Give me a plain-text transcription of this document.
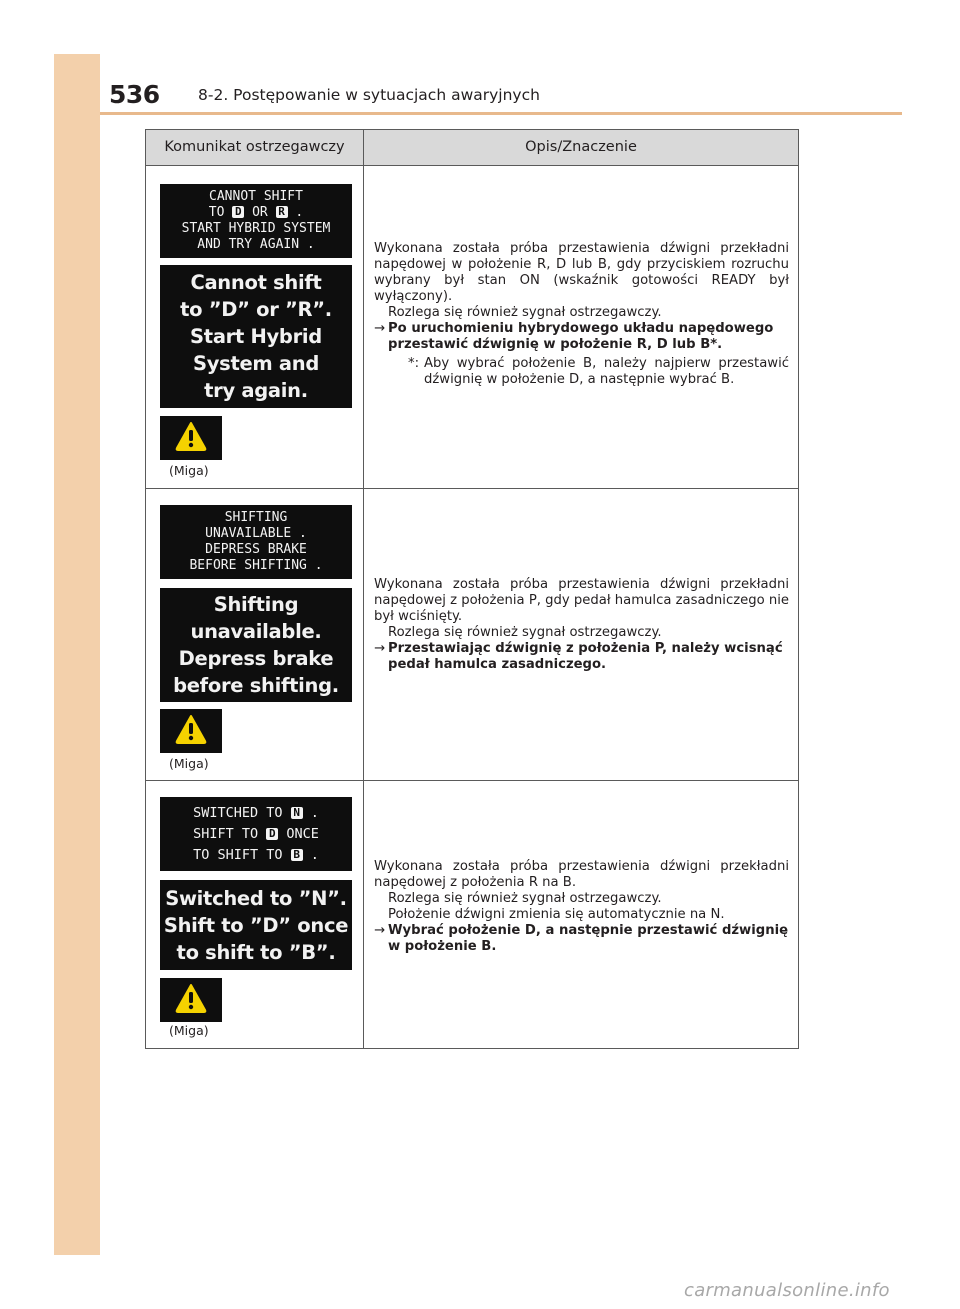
536 8-2. Postępowanie w sytuacjach awaryjnych
Komunikat ostrzegawczy	Opis/Znaczenie
CANNOT SHIFT
TO D OR R .
START HYBRID SYSTEM
AND TRY AGAIN .
Cannot shift
to ”D” or ”R”.
Start Hybrid
System and
try again.
(Miga)
Wykonana została próba przestawienia dźwigni przekładni napędowej w położenie R, D lub B, gdy przyciskiem rozruchu wybrany był stan ON (wskaźnik gotowości READY był wyłączony).
Rozlega się również sygnał ostrzegawczy.
→ Po uruchomieniu hybrydowego układu napędowego przestawić dźwignię w położenie R, D lub B*.
*: Aby wybrać położenie B, należy najpierw przestawić dźwignię w położenie D, a następnie wybrać B.
SHIFTING
UNAVAILABLE .
DEPRESS BRAKE
BEFORE SHIFTING .
Shifting
unavailable.
Depress brake
before shifting.
(Miga)
Wykonana została próba przestawienia dźwigni przekładni napędowej z położenia P, gdy pedał hamulca zasadniczego nie był wciśnięty.
Rozlega się również sygnał ostrzegawczy.
→ Przestawiając dźwignię z położenia P, należy wcisnąć pedał hamulca zasadniczego.
SWITCHED TO N .
SHIFT TO D ONCE
TO SHIFT TO B .
Switched to ”N”.
Shift to ”D” once
to shift to ”B”.
(Miga)
Wykonana została próba przestawienia dźwigni przekładni napędowej z położenia R na B.
Rozlega się również sygnał ostrzegawczy.
Położenie dźwigni zmienia się automatycznie na N.
→ Wybrać położenie D, a następnie przestawić dźwignię w położenie B.
carmanualsonline.info
